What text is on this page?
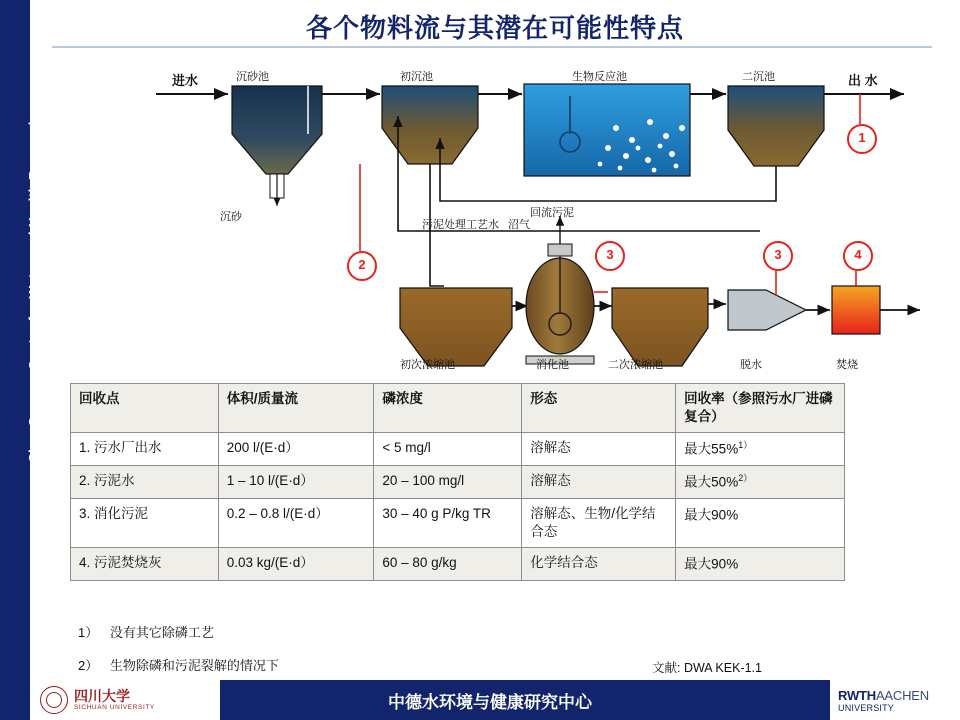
Sino-German Centre for Water and Health Research
各个物料流与其潜在可能性特点
进水	沉砂池	初沉池	生物反应池	二沉池	出 水
沉砂	回流污泥
污泥处理工艺水 沼气
初次浓缩池	消化池	二次浓缩池	脱水	焚烧
1
2
3	3	4
回收点	体积/质量流	磷浓度	形态	回收率（参照污水厂进磷复合）
1. 污水厂出水	200 l/(E·d）	< 5 mg/l	溶解态	最大55%$^{1)}$
2. 污泥水	1 – 10 l/(E·d）	20 – 100 mg/l	溶解态	最大50%$^{2)}$
3. 消化污泥	0.2 – 0.8 l/(E·d）	30 – 40 g P/kg TR	溶解态、生物/化学结合态	最大90%
4. 污泥焚烧灰	0.03 kg/(E·d）	60 – 80 g/kg	化学结合态	最大90%
1） 没有其它除磷工艺
2） 生物除磷和污泥裂解的情况下	文献: DWA KEK-1.1
四川大学
SICHUAN UNIVERSITY	中德水环境与健康研究中心	RWTHAACHEN
UNIVERSITY
